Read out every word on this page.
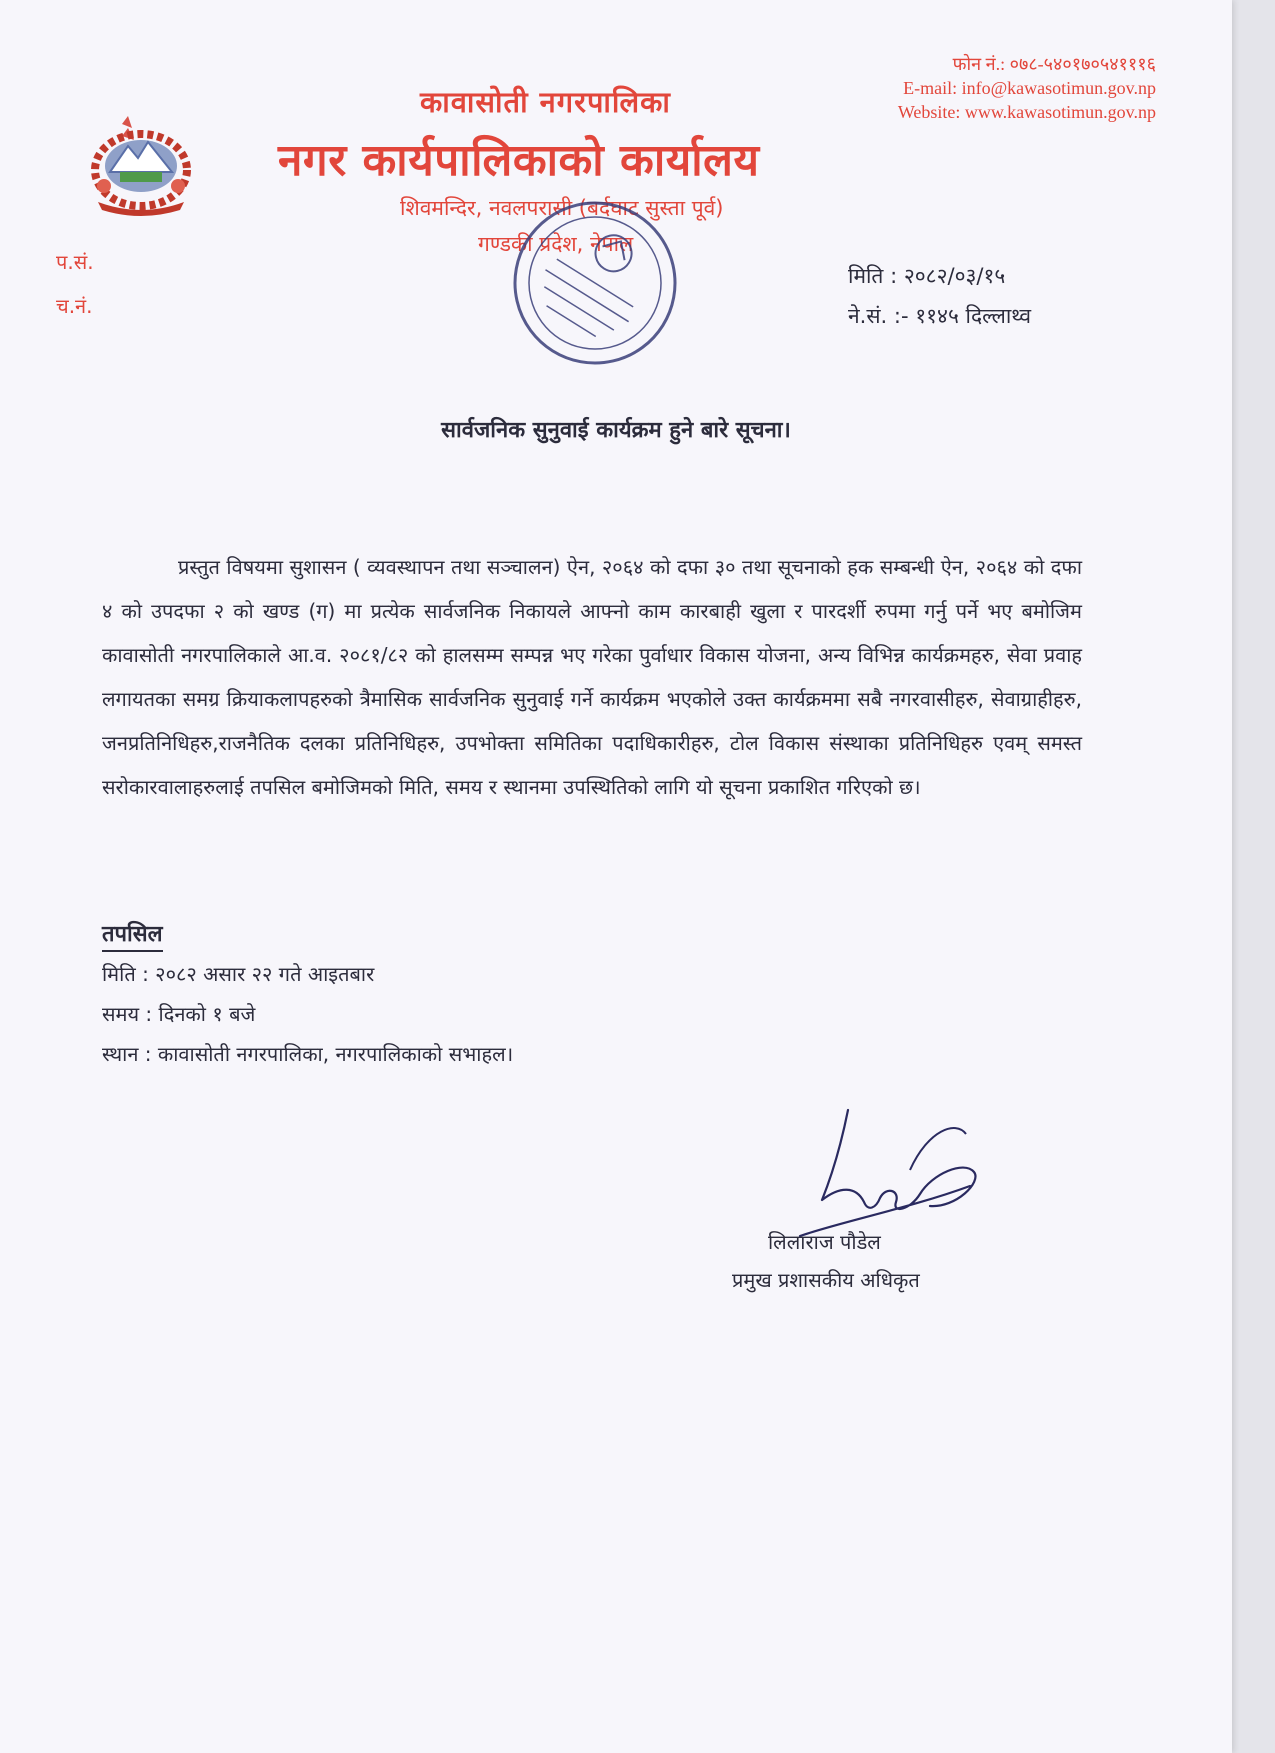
कावासोती नगरपालिका
नगर कार्यपालिकाको कार्यालय
शिवमन्दिर, नवलपरासी (बर्दघाट सुस्ता पूर्व)
गण्डकी प्रदेश, नेपाल
फोन नं.: ०७८-५४०१७०५४१११६
E-mail: info@kawasotimun.gov.np
Website: www.kawasotimun.gov.np
प.सं.
च.नं.
मिति : २०८२/०३/१५
ने.सं. :- ११४५ दिल्लाथ्व
सार्वजनिक सुनुवाई कार्यक्रम हुने बारे सूचना।
प्रस्तुत विषयमा सुशासन ( व्यवस्थापन तथा सञ्चालन) ऐन, २०६४ को दफा ३० तथा सूचनाको हक सम्बन्धी ऐन, २०६४ को दफा ४ को उपदफा २ को खण्ड (ग) मा प्रत्येक सार्वजनिक निकायले आफ्नो काम कारबाही खुला र पारदर्शी रुपमा गर्नु पर्ने भए बमोजिम कावासोती नगरपालिकाले आ.व. २०८१/८२ को हालसम्म सम्पन्न भए गरेका पुर्वाधार विकास योजना, अन्य विभिन्न कार्यक्रमहरु, सेवा प्रवाह लगायतका समग्र क्रियाकलापहरुको त्रैमासिक सार्वजनिक सुनुवाई गर्ने कार्यक्रम भएकोले उक्त कार्यक्रममा सबै नगरवासीहरु, सेवाग्राहीहरु, जनप्रतिनिधिहरु,राजनैतिक दलका प्रतिनिधिहरु, उपभोक्ता समितिका पदाधिकारीहरु, टोल विकास संस्थाका प्रतिनिधिहरु एवम् समस्त सरोकारवालाहरुलाई तपसिल बमोजिमको मिति, समय र स्थानमा उपस्थितिको लागि यो सूचना प्रकाशित गरिएको छ।
तपसिल
मिति : २०८२ असार २२ गते आइतबार
समय : दिनको १ बजे
स्थान : कावासोती नगरपालिका, नगरपालिकाको सभाहल।
लिलाराज पौडेल
प्रमुख प्रशासकीय अधिकृत
